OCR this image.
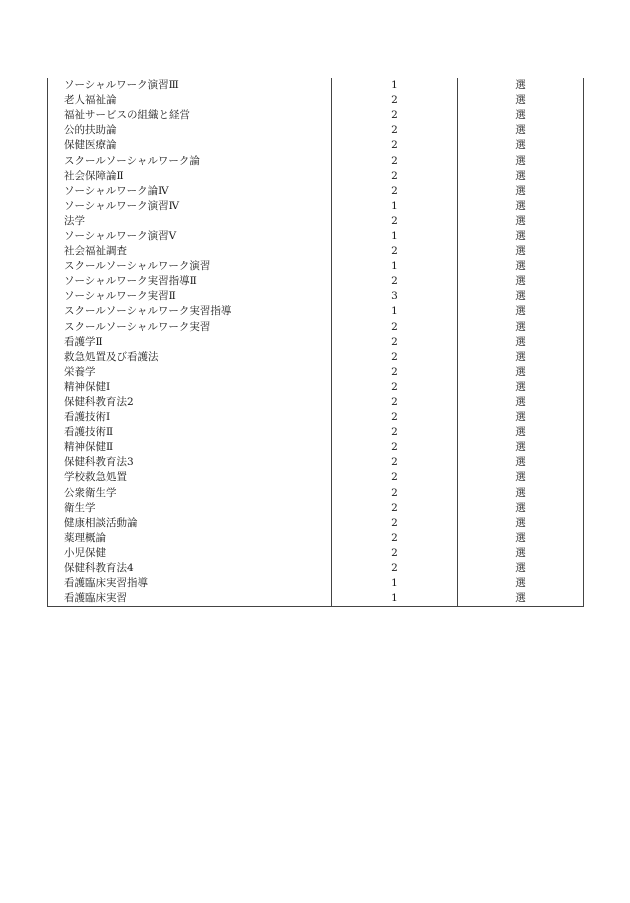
ソーシャルワーク演習Ⅲ	1	選
老人福祉論	2	選
福祉サービスの組織と経営	2	選
公的扶助論	2	選
保健医療論	2	選
スクールソーシャルワーク論	2	選
社会保障論Ⅱ	2	選
ソーシャルワーク論Ⅳ	2	選
ソーシャルワーク演習Ⅳ	1	選
法学	2	選
ソーシャルワーク演習Ⅴ	1	選
社会福祉調査	2	選
スクールソーシャルワーク演習	1	選
ソーシャルワーク実習指導Ⅱ	2	選
ソーシャルワーク実習Ⅱ	3	選
スクールソーシャルワーク実習指導	1	選
スクールソーシャルワーク実習	2	選
看護学Ⅱ	2	選
救急処置及び看護法	2	選
栄養学	2	選
精神保健Ⅰ	2	選
保健科教育法2	2	選
看護技術Ⅰ	2	選
看護技術Ⅱ	2	選
精神保健Ⅱ	2	選
保健科教育法3	2	選
学校救急処置	2	選
公衆衛生学	2	選
衛生学	2	選
健康相談活動論	2	選
薬理概論	2	選
小児保健	2	選
保健科教育法4	2	選
看護臨床実習指導	1	選
看護臨床実習	1	選
